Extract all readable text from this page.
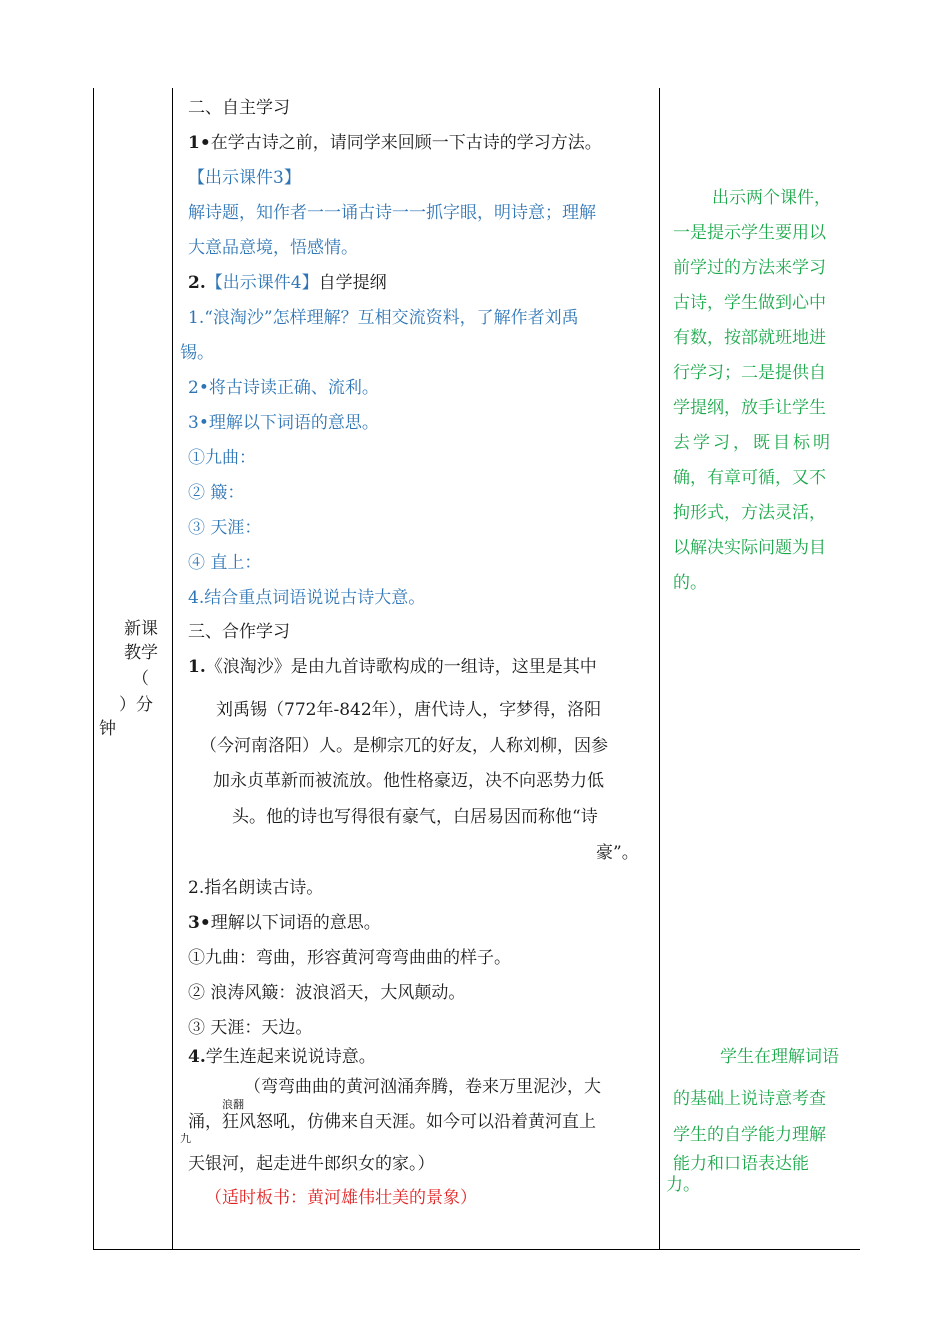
新课
教学
（
）分
钟
二、自主学习
1•在学古诗之前，请同学来回顾一下古诗的学习方法。
【出示课件3】
解诗题，知作者一一诵古诗一一抓字眼，明诗意；理解
大意品意境，悟感情。
2.【出示课件4】自学提纲
1.“浪淘沙”怎样理解？互相交流资料，了解作者刘禹
锡。
2•将古诗读正确、流利。
3•理解以下词语的意思。
①九曲：
② 簸：
③ 天涯：
④ 直上：
4.结合重点词语说说古诗大意。
三、合作学习
1.《浪淘沙》是由九首诗歌构成的一组诗，这里是其中
刘禹锡（772年-842年），唐代诗人，字梦得，洛阳
（今河南洛阳）人。是柳宗兀的好友，人称刘柳，因参
加永贞革新而被流放。他性格豪迈，决不向恶势力低
头。他的诗也写得很有豪气，白居易因而称他“诗
豪”。
2.指名朗读古诗。
3•理解以下词语的意思。
①九曲：弯曲，形容黄河弯弯曲曲的样子。
② 浪涛风簸：波浪滔天，大风颠动。
③ 天涯：天边。
4.学生连起来说说诗意。
（弯弯曲曲的黄河汹涌奔腾，卷来万里泥沙，大
浪翻
涌，狂风怒吼，仿佛来自天涯。如今可以沿着黄河直上
九
天银河，起走进牛郎织女的家。）
（适时板书：黄河雄伟壮美的景象）
出示两个课件，
一是提示学生要用以
前学过的方法来学习
古诗，学生做到心中
有数，按部就班地进
行学习；二是提供自
学提纲，放手让学生
去学习，既目标明
确，有章可循，又不
拘形式，方法灵活，
以解决实际问题为目
的。
学生在理解词语
的基础上说诗意考查
学生的自学能力理解
能力和口语表达能
力。
